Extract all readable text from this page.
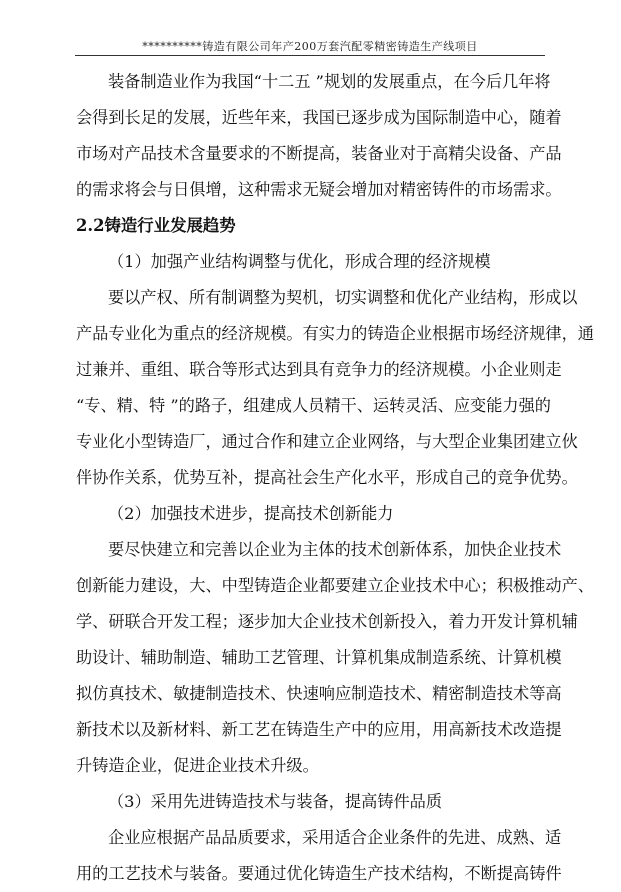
**********铸造有限公司年产200万套汽配零精密铸造生产线项目
装备制造业作为我国“十二五 ”规划的发展重点，在今后几年将
会得到长足的发展，近些年来，我国已逐步成为国际制造中心，随着
市场对产品技术含量要求的不断提高，装备业对于高精尖设备、产品
的需求将会与日俱增，这种需求无疑会增加对精密铸件的市场需求。
2.2铸造行业发展趋势
（1）加强产业结构调整与优化，形成合理的经济规模
要以产权、所有制调整为契机，切实调整和优化产业结构，形成以
产品专业化为重点的经济规模。有实力的铸造企业根据市场经济规律，通
过兼并、重组、联合等形式达到具有竞争力的经济规模。小企业则走
“专、精、特 ”的路子，组建成人员精干、运转灵活、应变能力强的
专业化小型铸造厂，通过合作和建立企业网络，与大型企业集团建立伙
伴协作关系，优势互补，提高社会生产化水平，形成自己的竞争优势。
（2）加强技术进步，提高技术创新能力
要尽快建立和完善以企业为主体的技术创新体系，加快企业技术
创新能力建设，大、中型铸造企业都要建立企业技术中心；积极推动产、
学、研联合开发工程；逐步加大企业技术创新投入，着力开发计算机辅
助设计、辅助制造、辅助工艺管理、计算机集成制造系统、计算机模
拟仿真技术、敏捷制造技术、快速响应制造技术、精密制造技术等高
新技术以及新材料、新工艺在铸造生产中的应用，用高新技术改造提
升铸造企业，促进企业技术升级。
（3）采用先进铸造技术与装备，提高铸件品质
企业应根据产品品质要求，采用适合企业条件的先进、成熟、适
用的工艺技术与装备。要通过优化铸造生产技术结构，不断提高铸件
